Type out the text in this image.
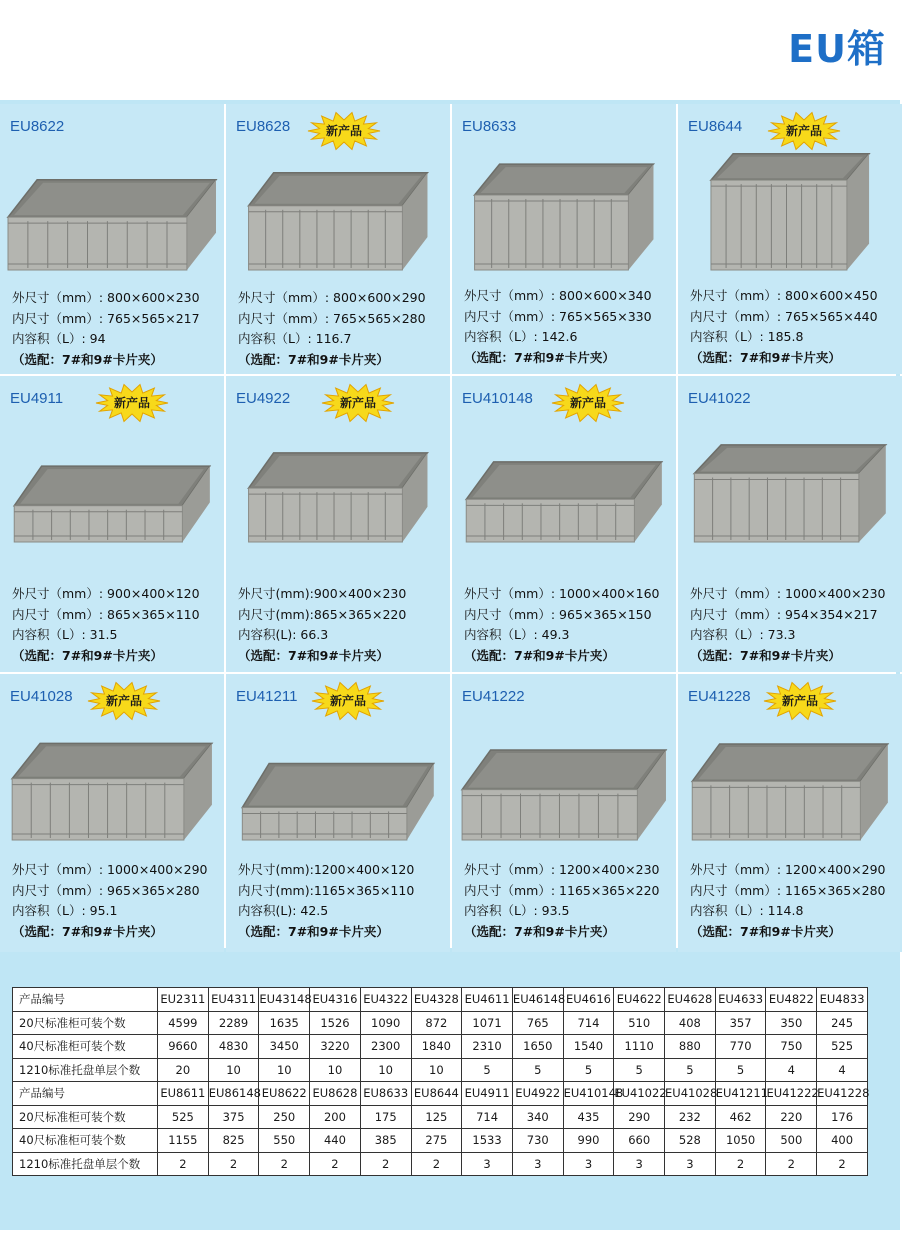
EU箱
EU8622
外尺寸（mm）: 800×600×230
内尺寸（mm）: 765×565×217
内容积（L）: 94
（选配：7#和9#卡片夹）
EU8628	新产品
外尺寸（mm）: 800×600×290
内尺寸（mm）: 765×565×280
内容积（L）: 116.7
（选配：7#和9#卡片夹）
EU8633
外尺寸（mm）: 800×600×340
内尺寸（mm）: 765×565×330
内容积（L）: 142.6
（选配：7#和9#卡片夹）
EU8644	新产品
外尺寸（mm）: 800×600×450
内尺寸（mm）: 765×565×440
内容积（L）: 185.8
（选配：7#和9#卡片夹）
EU4911	新产品
外尺寸（mm）: 900×400×120
内尺寸（mm）: 865×365×110
内容积（L）: 31.5
（选配：7#和9#卡片夹）
EU4922	新产品
外尺寸(mm):900×400×230
内尺寸(mm):865×365×220
内容积(L): 66.3
（选配：7#和9#卡片夹）
EU410148	新产品
外尺寸（mm）: 1000×400×160
内尺寸（mm）: 965×365×150
内容积（L）: 49.3
（选配：7#和9#卡片夹）
EU41022
外尺寸（mm）: 1000×400×230
内尺寸（mm）: 954×354×217
内容积（L）: 73.3
（选配：7#和9#卡片夹）
EU41028	新产品
外尺寸（mm）: 1000×400×290
内尺寸（mm）: 965×365×280
内容积（L）: 95.1
（选配：7#和9#卡片夹）
EU41211	新产品
外尺寸(mm):1200×400×120
内尺寸(mm):1165×365×110
内容积(L): 42.5
（选配：7#和9#卡片夹）
EU41222
外尺寸（mm）: 1200×400×230
内尺寸（mm）: 1165×365×220
内容积（L）: 93.5
（选配：7#和9#卡片夹）
EU41228	新产品
外尺寸（mm）: 1200×400×290
内尺寸（mm）: 1165×365×280
内容积（L）: 114.8
（选配：7#和9#卡片夹）
产品编号	EU2311	EU4311	EU43148	EU4316	EU4322	EU4328	EU4611	EU46148	EU4616	EU4622	EU4628	EU4633	EU4822	EU4833
20尺标准柜可装个数	4599	2289	1635	1526	1090	872	1071	765	714	510	408	357	350	245
40尺标准柜可装个数	9660	4830	3450	3220	2300	1840	2310	1650	1540	1110	880	770	750	525
1210标准托盘单层个数	20	10	10	10	10	10	5	5	5	5	5	5	4	4
产品编号	EU8611	EU86148	EU8622	EU8628	EU8633	EU8644	EU4911	EU4922	EU410148	EU41022	EU41028	EU41211	EU41222	EU41228
20尺标准柜可装个数	525	375	250	200	175	125	714	340	435	290	232	462	220	176
40尺标准柜可装个数	1155	825	550	440	385	275	1533	730	990	660	528	1050	500	400
1210标准托盘单层个数	2	2	2	2	2	2	3	3	3	3	3	2	2	2
